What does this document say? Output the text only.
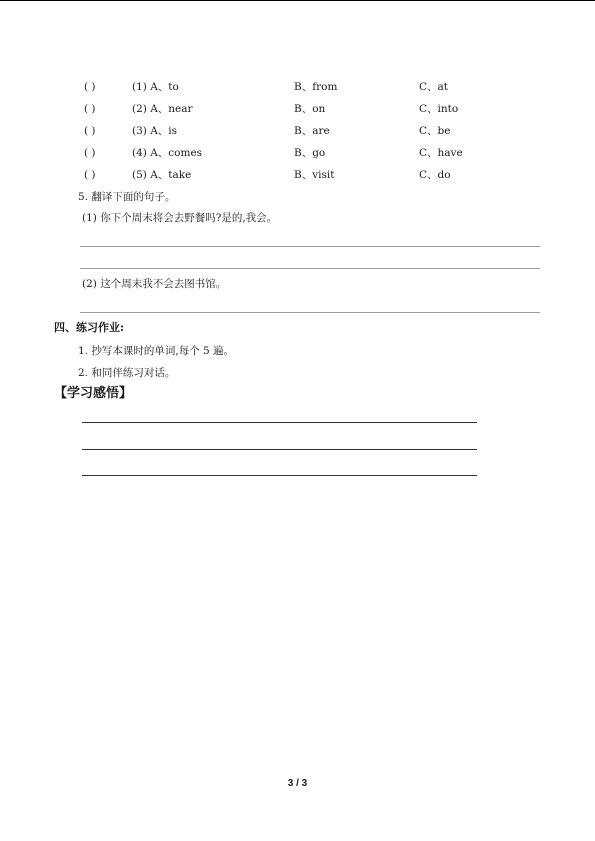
( )	(1) A、to	B、from	C、at
( )	(2) A、near	B、on	C、into
( )	(3) A、is	B、are	C、be
( )	(4) A、comes	B、go	C、have
( )	(5) A、take	B、visit	C、do
5. 翻译下面的句子。
(1) 你下个周末将会去野餐吗?是的,我会。
(2) 这个周末我不会去图书馆。
四、练习作业:
1. 抄写本课时的单词,每个 5 遍。
2. 和同伴练习对话。
【学习感悟】
3 / 3
